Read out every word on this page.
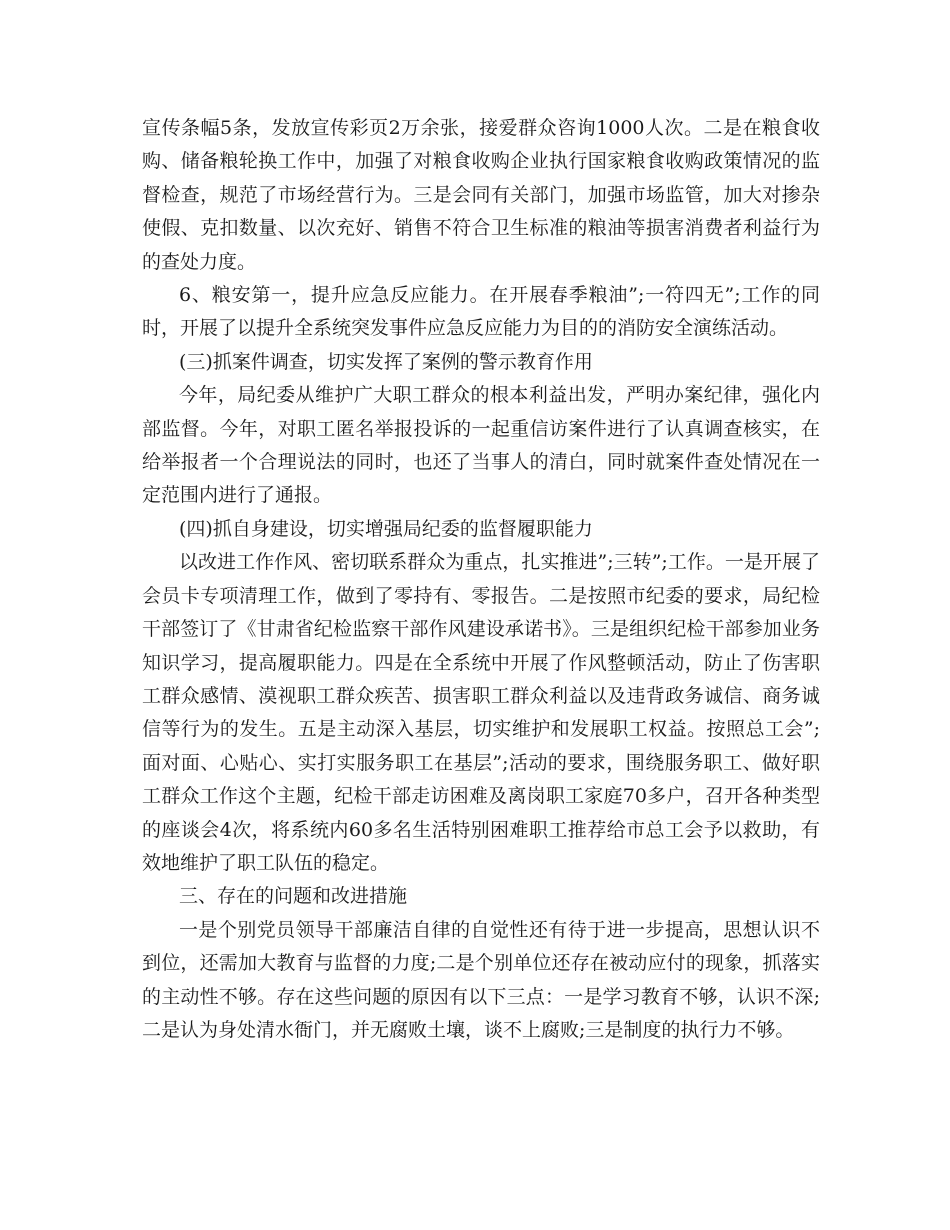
宣传条幅5条，发放宣传彩页2万余张，接爱群众咨询1000人次。二是在粮食收购、储备粮轮换工作中，加强了对粮食收购企业执行国家粮食收购政策情况的监督检查，规范了市场经营行为。三是会同有关部门，加强市场监管，加大对掺杂使假、克扣数量、以次充好、销售不符合卫生标准的粮油等损害消费者利益行为的查处力度。

6、粮安第一，提升应急反应能力。在开展春季粮油”;一符四无”;工作的同时，开展了以提升全系统突发事件应急反应能力为目的的消防安全演练活动。

(三)抓案件调查，切实发挥了案例的警示教育作用

今年，局纪委从维护广大职工群众的根本利益出发，严明办案纪律，强化内部监督。今年，对职工匿名举报投诉的一起重信访案件进行了认真调查核实，在给举报者一个合理说法的同时，也还了当事人的清白，同时就案件查处情况在一定范围内进行了通报。

(四)抓自身建设，切实增强局纪委的监督履职能力

以改进工作作风、密切联系群众为重点，扎实推进”;三转”;工作。一是开展了会员卡专项清理工作，做到了零持有、零报告。二是按照市纪委的要求，局纪检干部签订了《甘肃省纪检监察干部作风建设承诺书》。三是组织纪检干部参加业务知识学习，提高履职能力。四是在全系统中开展了作风整顿活动，防止了伤害职工群众感情、漠视职工群众疾苦、损害职工群众利益以及违背政务诚信、商务诚信等行为的发生。五是主动深入基层，切实维护和发展职工权益。按照总工会”;面对面、心贴心、实打实服务职工在基层”;活动的要求，围绕服务职工、做好职工群众工作这个主题，纪检干部走访困难及离岗职工家庭70多户，召开各种类型的座谈会4次，将系统内60多名生活特别困难职工推荐给市总工会予以救助，有效地维护了职工队伍的稳定。

三、存在的问题和改进措施

一是个别党员领导干部廉洁自律的自觉性还有待于进一步提高，思想认识不到位，还需加大教育与监督的力度;二是个别单位还存在被动应付的现象，抓落实的主动性不够。存在这些问题的原因有以下三点：一是学习教育不够，认识不深;二是认为身处清水衙门，并无腐败土壤，谈不上腐败;三是制度的执行力不够。
